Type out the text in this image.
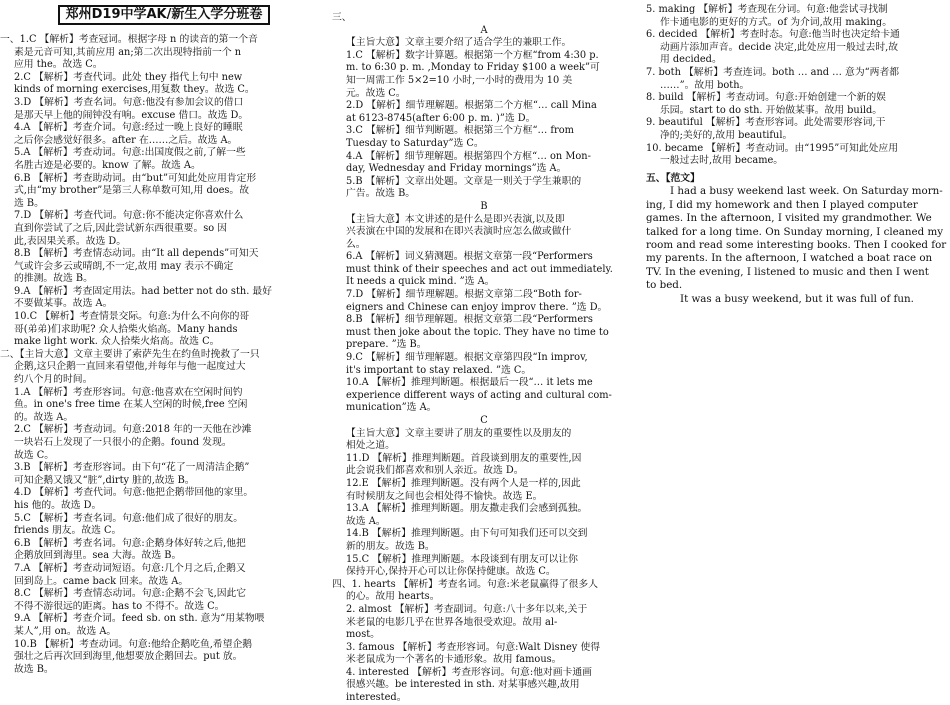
郑州D19中学AK/新生入学分班卷
一、1.C 【解析】考查冠词。根据字母 n 的读音的第一个音
素是元音可知,其前应用 an;第二次出现特指前一个 n
应用 the。故选 C。
2.C 【解析】考查代词。此处 they 指代上句中 new
kinds of morning exercises,用复数 they。故选 C。
3.D 【解析】考查名词。句意:他没有参加会议的借口
是那天早上他的闹钟没有响。excuse 借口。故选 D。
4.A 【解析】考查介词。句意:经过一晚上良好的睡眠
之后你会感觉好很多。after 在……之后。故选 A。
5.A 【解析】考查动词。句意:出国度假之前,了解一些
名胜古迹是必要的。know 了解。故选 A。
6.B 【解析】考查助动词。由“but”可知此处应用肯定形
式,由“my brother”是第三人称单数可知,用 does。故
选 B。
7.D 【解析】考查代词。句意:你不能决定你喜欢什么
直到你尝试了之后,因此尝试新东西很重要。so 因
此,表因果关系。故选 D。
8.B 【解析】考查情态动词。由“It all depends”可知天
气或许会多云或晴朗,不一定,故用 may 表示不确定
的推测。故选 B。
9.A 【解析】考查固定用法。had better not do sth. 最好
不要做某事。故选 A。
10.C 【解析】考查情景交际。句意:为什么不向你的哥
哥(弟弟)们求助呢? 众人拾柴火焰高。Many hands
make light work. 众人拾柴火焰高。故选 C。
二、【主旨大意】文章主要讲了索萨先生在约鱼时挽救了一只
企鹅,这只企鹅一直回来看望他,并每年与他一起度过大
约八个月的时间。
1.A 【解析】考查形容词。句意:他喜欢在空闲时间钓
鱼。in one's free time 在某人空闲的时候,free 空闲
的。故选 A。
2.C 【解析】考查动词。句意:2018 年的一天他在沙滩
一块岩石上发现了一只很小的企鹅。found 发现。
故选 C。
3.B 【解析】考查形容词。由下句“花了一周清洁企鹅”
可知企鹅又饿又“脏”,dirty 脏的,故选 B。
4.D 【解析】考查代词。句意:他把企鹅带回他的家里。
his 他的。故选 D。
5.C 【解析】考查名词。句意:他们成了很好的朋友。
friends 朋友。故选 C。
6.B 【解析】考查名词。句意:企鹅身体好转之后,他把
企鹅放回到海里。sea 大海。故选 B。
7.A 【解析】考查动词短语。句意:几个月之后,企鹅又
回到岛上。came back 回来。故选 A。
8.C 【解析】考查情态动词。句意:企鹅不会飞,因此它
不得不游很远的距离。has to 不得不。故选 C。
9.A 【解析】考查介词。feed sb. on sth. 意为“用某物喂
某人”,用 on。故选 A。
10.B 【解析】考查动词。句意:他给企鹅吃鱼,希望企鹅
强壮之后再次回到海里,他想要放企鹅回去。put 放。
故选 B。
三、
A
【主旨大意】文章主要介绍了适合学生的兼职工作。
1.C 【解析】数字计算题。根据第一个方框“from 4:30 p.
m. to 6:30 p. m. ,Monday to Friday $100 a week”可
知一周需工作 5×2=10 小时,一小时的费用为 10 美
元。故选 C。
2.D 【解析】细节理解题。根据第二个方框“… call Mina
at 6123-8745(after 6:00 p. m. )”选 D。
3.C 【解析】细节判断题。根据第三个方框“… from
Tuesday to Saturday”选 C。
4.A 【解析】细节理解题。根据第四个方框“… on Mon-
day, Wednesday and Friday mornings”选 A。
5.B 【解析】文章出处题。文章是一则关于学生兼职的
广告。故选 B。
B
【主旨大意】本文讲述的是什么是即兴表演,以及即
兴表演在中国的发展和在即兴表演时应怎么做或做什
么。
6.A 【解析】词义猜测题。根据文章第一段“Performers
must think of their speeches and act out immediately.
It needs a quick mind. ”选 A。
7.D 【解析】细节理解题。根据文章第二段“Both for-
eigners and Chinese can enjoy improv there. ”选 D。
8.B 【解析】细节理解题。根据文章第二段“Performers
must then joke about the topic. They have no time to
prepare. ”选 B。
9.C 【解析】细节理解题。根据文章第四段“In improv,
it's important to stay relaxed. ”选 C。
10.A 【解析】推理判断题。根据最后一段“… it lets me
experience different ways of acting and cultural com-
munication”选 A。
C
【主旨大意】文章主要讲了朋友的重要性以及朋友的
相处之道。
11.D 【解析】推理判断题。首段谈到朋友的重要性,因
此会说我们都喜欢和别人亲近。故选 D。
12.E 【解析】推理判断题。没有两个人是一样的,因此
有时候朋友之间也会相处得不愉快。故选 E。
13.A 【解析】推理判断题。朋友撒走我们会感到孤独。
故选 A。
14.B 【解析】推理判断题。由下句可知我们还可以交到
新的朋友。故选 B。
15.C 【解析】推理判断题。本段谈到有朋友可以让你
保持开心,保持开心可以让你保持健康。故选 C。
四、1. hearts 【解析】考查名词。句意:米老鼠赢得了很多人
的心。故用 hearts。
2. almost 【解析】考查副词。句意:八十多年以来,关于
米老鼠的电影几乎在世界各地很受欢迎。故用 al-
most。
3. famous 【解析】考查形容词。句意:Walt Disney 使得
米老鼠成为一个著名的卡通形象。故用 famous。
4. interested 【解析】考查形容词。句意:他对画卡通画
很感兴趣。be interested in sth. 对某事感兴趣,故用
interested。
5. making 【解析】考查现在分词。句意:他尝试寻找制
作卡通电影的更好的方式。of 为介词,故用 making。
6. decided 【解析】考查时态。句意:他当时也决定给卡通
动画片添加声音。decide 决定,此处应用一般过去时,故
用 decided。
7. both 【解析】考查连词。both … and … 意为“两者都
……”。故用 both。
8. build 【解析】考查动词。句意:开始创建一个新的娱
乐园。start to do sth. 开始做某事。故用 build。
9. beautiful 【解析】考查形容词。此处需要形容词,干
净的;美好的,故用 beautiful。
10. became 【解析】考查动词。由“1995”可知此处应用
一般过去时,故用 became。
五、【范文】
I had a busy weekend last week. On Saturday morn-
ing, I did my homework and then I played computer
games. In the afternoon, I visited my grandmother. We
talked for a long time. On Sunday morning, I cleaned my
room and read some interesting books. Then I cooked for
my parents. In the afternoon, I watched a boat race on
TV. In the evening, I listened to music and then I went
to bed.
It was a busy weekend, but it was full of fun.
